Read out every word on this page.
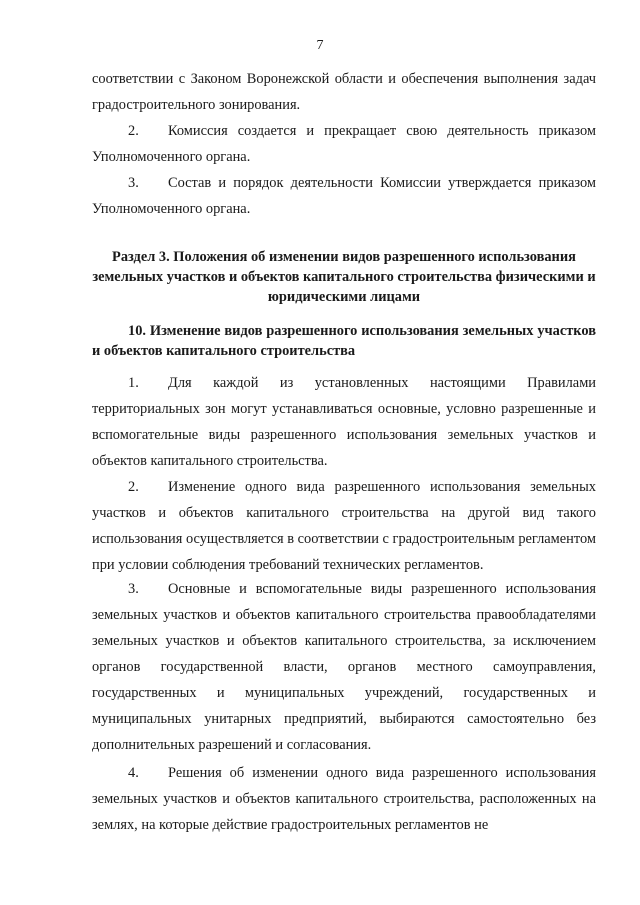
7

соответствии с Законом Воронежской области и обеспечения выполнения задач градостроительного зонирования.

2. Комиссия создается и прекращает свою деятельность приказом Уполномоченного органа.

3. Состав и порядок деятельности Комиссии утверждается приказом Уполномоченного органа.

Раздел 3. Положения об изменении видов разрешенного использования земельных участков и объектов капитального строительства физическими и юридическими лицами

10. Изменение видов разрешенного использования земельных участков и объектов капитального строительства

1. Для каждой из установленных настоящими Правилами территориальных зон могут устанавливаться основные, условно разрешенные и вспомогательные виды разрешенного использования земельных участков и объектов капитального строительства.

2. Изменение одного вида разрешенного использования земельных участков и объектов капитального строительства на другой вид такого использования осуществляется в соответствии с градостроительным регламентом при условии соблюдения требований технических регламентов.

3. Основные и вспомогательные виды разрешенного использования земельных участков и объектов капитального строительства правообладателями земельных участков и объектов капитального строительства, за исключением органов государственной власти, органов местного самоуправления, государственных и муниципальных учреждений, государственных и муниципальных унитарных предприятий, выбираются самостоятельно без дополнительных разрешений и согласования.

4. Решения об изменении одного вида разрешенного использования земельных участков и объектов капитального строительства, расположенных на землях, на которые действие градостроительных регламентов не
